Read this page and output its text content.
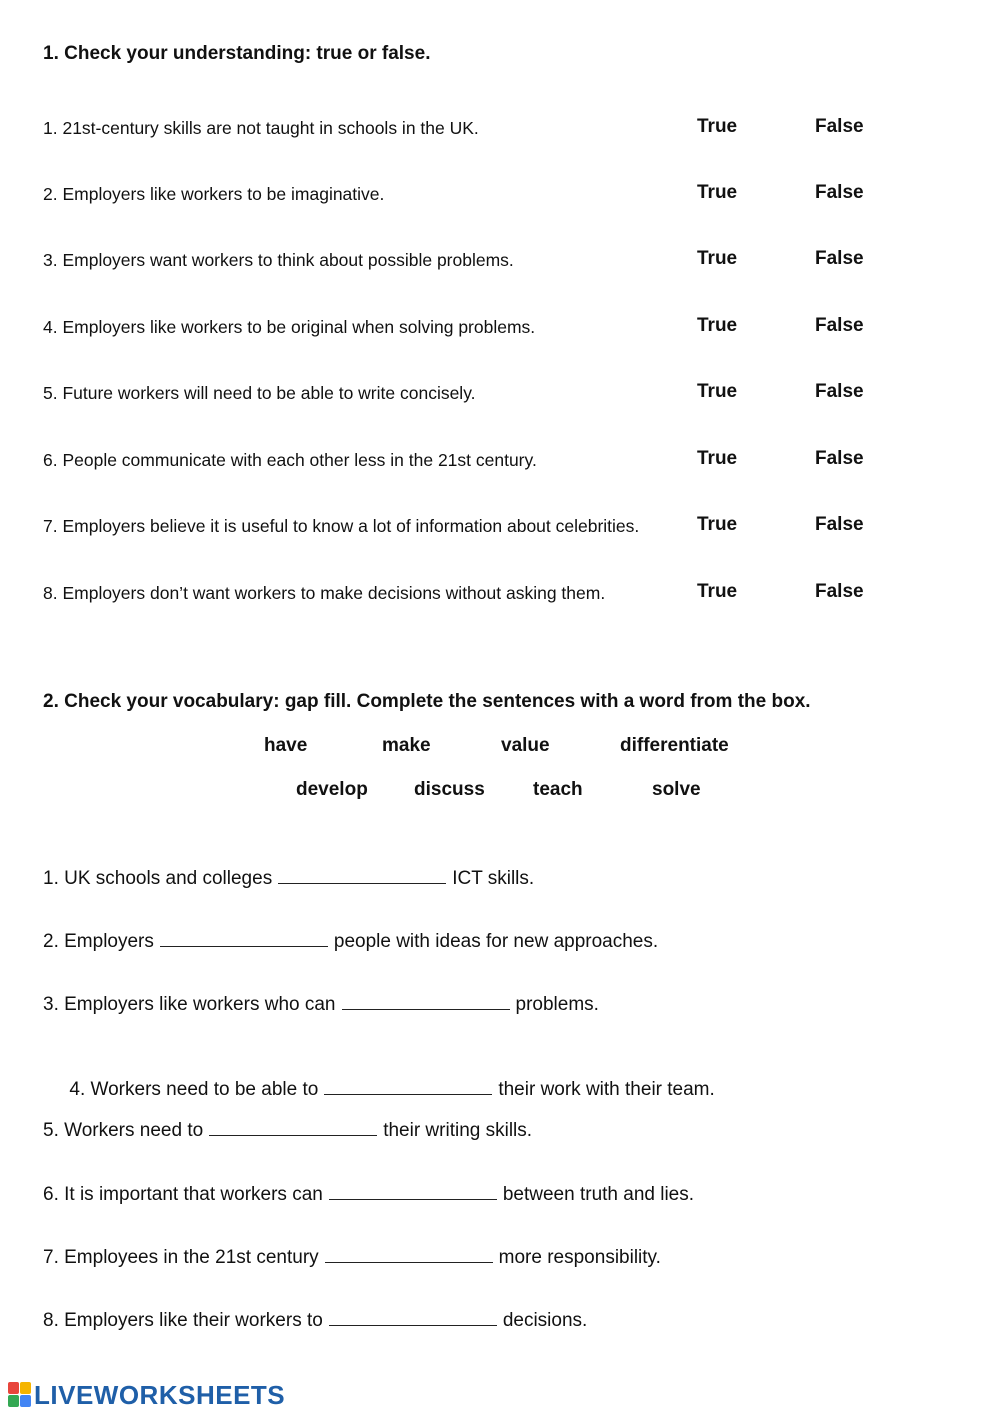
1. Check your understanding: true or false.
1. 21st-century skills are not taught in schools in the UK.	True	False
2. Employers like workers to be imaginative.	True	False
3. Employers want workers to think about possible problems.	True	False
4. Employers like workers to be original when solving problems.	True	False
5. Future workers will need to be able to write concisely.	True	False
6. People communicate with each other less in the 21st century.	True	False
7. Employers believe it is useful to know a lot of information about celebrities.	True	False
8. Employers don’t want workers to make decisions without asking them.	True	False
2. Check your vocabulary: gap fill. Complete the sentences with a word from the box.
have	make	value	differentiate
develop discuss	teach	solve
1. UK schools and colleges	ICT skills.
2. Employers	people with ideas for new approaches.
3. Employers like workers who can	problems.

4. Workers need to be able to	their work with their team.

5. Workers need to	their writing skills.
6. It is important that workers can	between truth and lies.
7. Employees in the 21st century	more responsibility.
8. Employers like their workers to	decisions.
LIVEWORKSHEETS
